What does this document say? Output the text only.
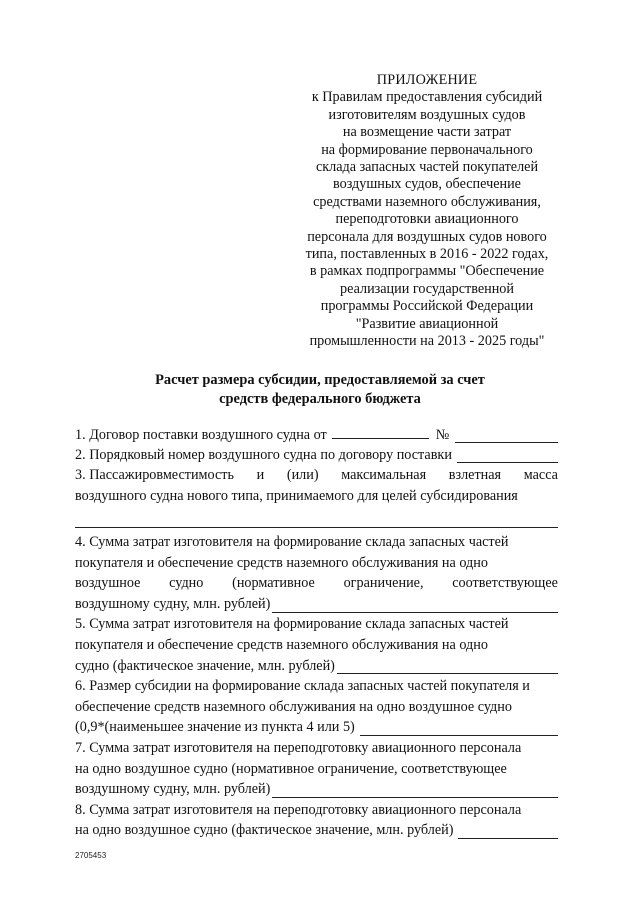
ПРИЛОЖЕНИЕ
к Правилам предоставления субсидий
изготовителям воздушных судов
на возмещение части затрат
на формирование первоначального
склада запасных частей покупателей
воздушных судов, обеспечение
средствами наземного обслуживания,
переподготовки авиационного
персонала для воздушных судов нового
типа, поставленных в 2016 - 2022 годах,
в рамках подпрограммы "Обеспечение
реализации государственной
программы Российской Федерации
"Развитие авиационной
промышленности на 2013 - 2025 годы"
Расчет размера субсидии, предоставляемой за счет
средств федерального бюджета
1. Договор поставки воздушного судна от	№
2. Порядковый номер воздушного судна по договору поставки
3. Пассажировместимость и (или) максимальная взлетная масса
воздушного судна нового типа, принимаемого для целей субсидирования
4. Сумма затрат изготовителя на формирование склада запасных частей
покупателя и обеспечение средств наземного обслуживания на одно
воздушное судно (нормативное ограничение, соответствующее
воздушному судну, млн. рублей)
5. Сумма затрат изготовителя на формирование склада запасных частей
покупателя и обеспечение средств наземного обслуживания на одно
судно (фактическое значение, млн. рублей)
6. Размер субсидии на формирование склада запасных частей покупателя и
обеспечение средств наземного обслуживания на одно воздушное судно
(0,9*(наименьшее значение из пункта 4 или 5)
7. Сумма затрат изготовителя на переподготовку авиационного персонала
на одно воздушное судно (нормативное ограничение, соответствующее
воздушному судну, млн. рублей)
8. Сумма затрат изготовителя на переподготовку авиационного персонала
на одно воздушное судно (фактическое значение, млн. рублей)
2705453
